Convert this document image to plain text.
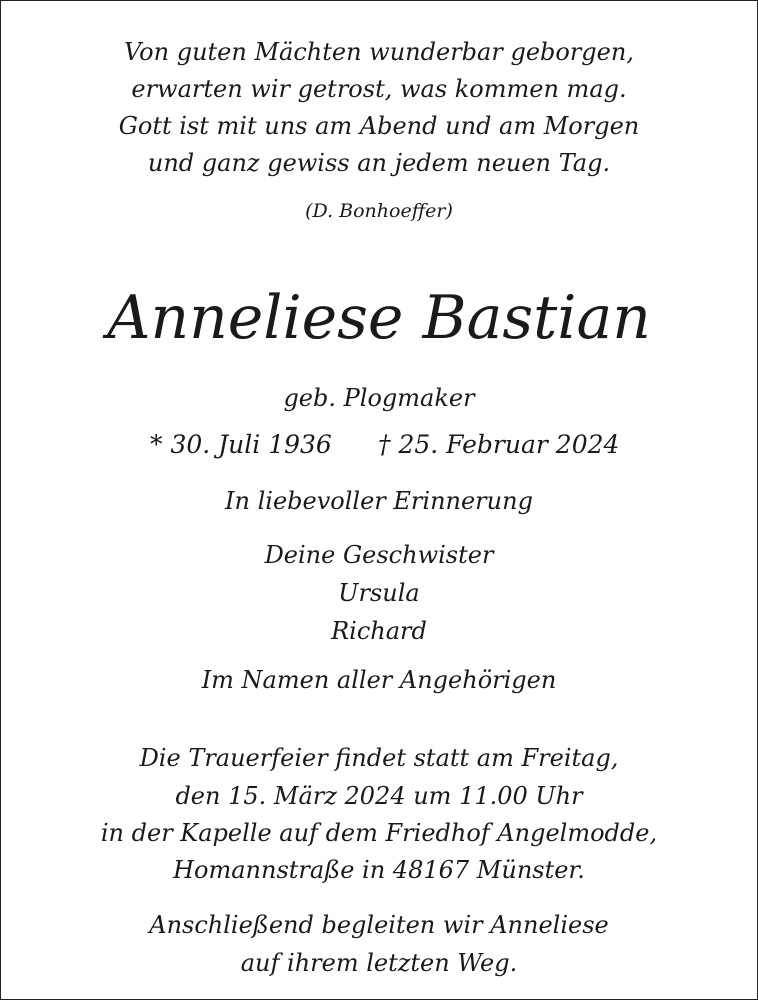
Von guten Mächten wunderbar geborgen,
erwarten wir getrost, was kommen mag.
Gott ist mit uns am Abend und am Morgen
und ganz gewiss an jedem neuen Tag.
(D. Bonhoeffer)
Anneliese Bastian
geb. Plogmaker
* 30. Juli 1936 † 25. Februar 2024
In liebevoller Erinnerung
Deine Geschwister
Ursula
Richard
Im Namen aller Angehörigen
Die Trauerfeier findet statt am Freitag,
den 15. März 2024 um 11.00 Uhr
in der Kapelle auf dem Friedhof Angelmodde,
Homannstraße in 48167 Münster.
Anschließend begleiten wir Anneliese
auf ihrem letzten Weg.
